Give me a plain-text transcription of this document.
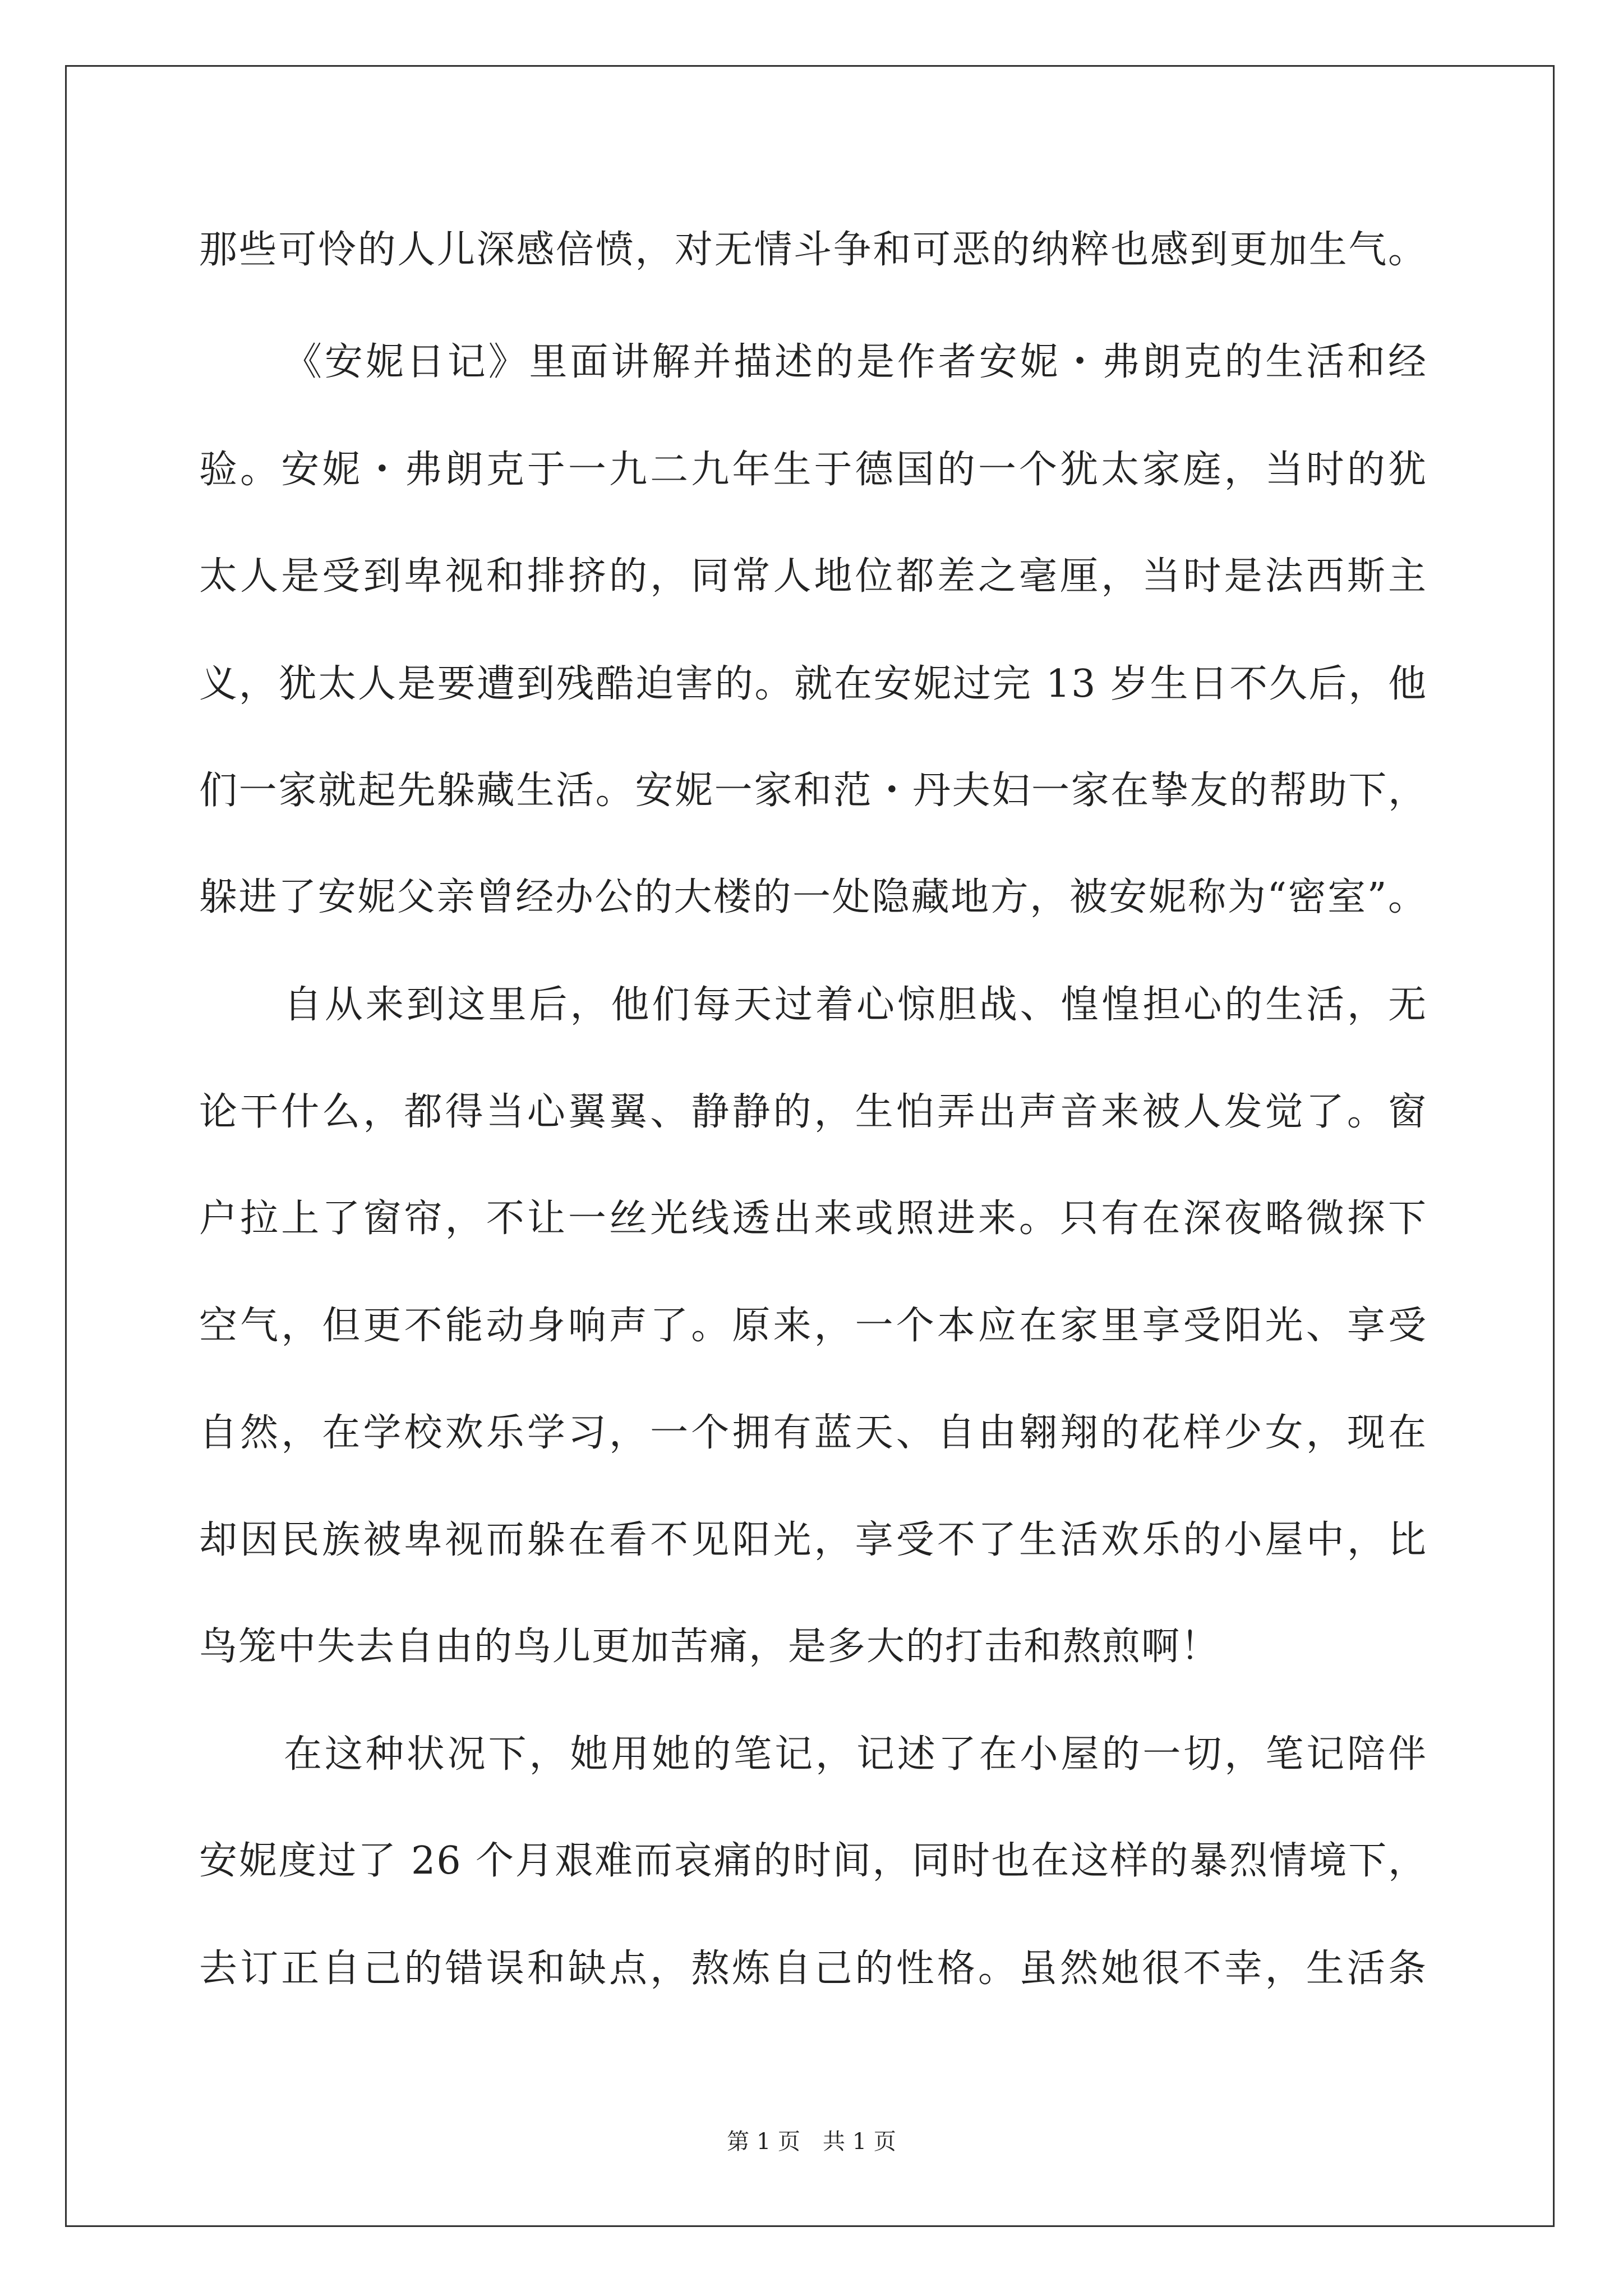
那些可怜的人儿深感倍愤，对无情斗争和可恶的纳粹也感到更加生气。
《安妮日记》里面讲解并描述的是作者安妮・弗朗克的生活和经
验。安妮・弗朗克于一九二九年生于德国的一个犹太家庭，当时的犹
太人是受到卑视和排挤的，同常人地位都差之毫厘，当时是法西斯主
义，犹太人是要遭到残酷迫害的。就在安妮过完 13 岁生日不久后，他
们一家就起先躲藏生活。安妮一家和范・丹夫妇一家在挚友的帮助下，
躲进了安妮父亲曾经办公的大楼的一处隐藏地方，被安妮称为“密室”。
自从来到这里后，他们每天过着心惊胆战、惶惶担心的生活，无
论干什么，都得当心翼翼、静静的，生怕弄出声音来被人发觉了。窗
户拉上了窗帘，不让一丝光线透出来或照进来。只有在深夜略微探下
空气，但更不能动身响声了。原来，一个本应在家里享受阳光、享受
自然，在学校欢乐学习，一个拥有蓝天、自由翱翔的花样少女，现在
却因民族被卑视而躲在看不见阳光，享受不了生活欢乐的小屋中，比
鸟笼中失去自由的鸟儿更加苦痛，是多大的打击和熬煎啊！
在这种状况下，她用她的笔记，记述了在小屋的一切，笔记陪伴
安妮度过了 26 个月艰难而哀痛的时间，同时也在这样的暴烈情境下，
去订正自己的错误和缺点，熬炼自己的性格。虽然她很不幸，生活条
第 1 页　共 1 页
